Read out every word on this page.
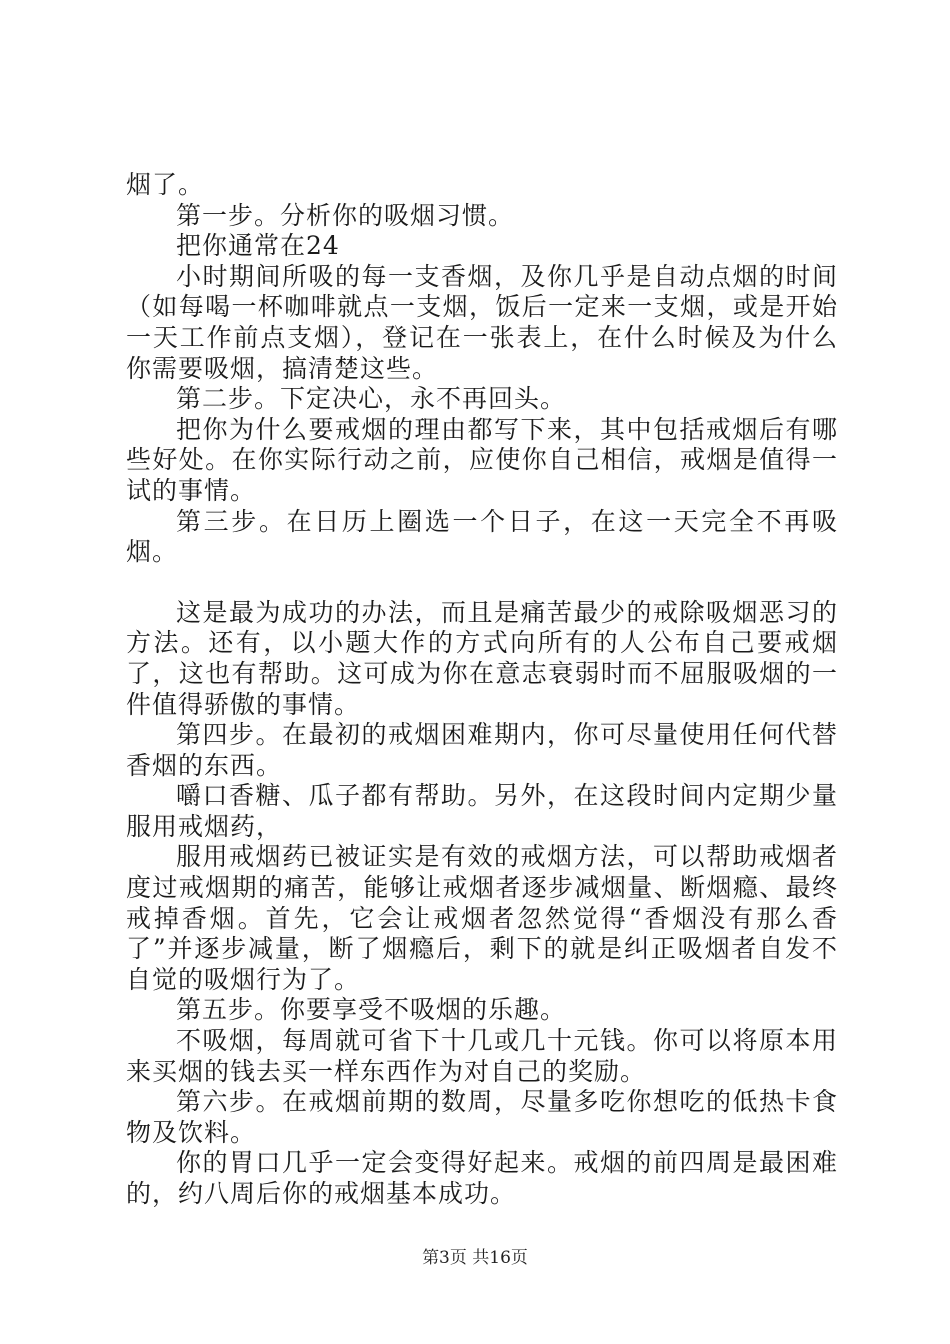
烟了。

第一步。分析你的吸烟习惯。

把你通常在24

小时期间所吸的每一支香烟，及你几乎是自动点烟的时间（如每喝一杯咖啡就点一支烟，饭后一定来一支烟，或是开始一天工作前点支烟），登记在一张表上，在什么时候及为什么你需要吸烟，搞清楚这些。

第二步。下定决心，永不再回头。

把你为什么要戒烟的理由都写下来，其中包括戒烟后有哪些好处。在你实际行动之前，应使你自己相信，戒烟是值得一试的事情。

第三步。在日历上圈选一个日子，在这一天完全不再吸烟。

这是最为成功的办法，而且是痛苦最少的戒除吸烟恶习的方法。还有，以小题大作的方式向所有的人公布自己要戒烟了，这也有帮助。这可成为你在意志衰弱时而不屈服吸烟的一件值得骄傲的事情。

第四步。在最初的戒烟困难期内，你可尽量使用任何代替香烟的东西。

嚼口香糖、瓜子都有帮助。另外，在这段时间内定期少量服用戒烟药，

服用戒烟药已被证实是有效的戒烟方法，可以帮助戒烟者度过戒烟期的痛苦，能够让戒烟者逐步减烟量、断烟瘾、最终戒掉香烟。首先，它会让戒烟者忽然觉得“香烟没有那么香了”并逐步减量，断了烟瘾后，剩下的就是纠正吸烟者自发不自觉的吸烟行为了。

第五步。你要享受不吸烟的乐趣。

不吸烟，每周就可省下十几或几十元钱。你可以将原本用来买烟的钱去买一样东西作为对自己的奖励。

第六步。在戒烟前期的数周，尽量多吃你想吃的低热卡食物及饮料。

你的胃口几乎一定会变得好起来。戒烟的前四周是最困难的，约八周后你的戒烟基本成功。

第3页 共16页
